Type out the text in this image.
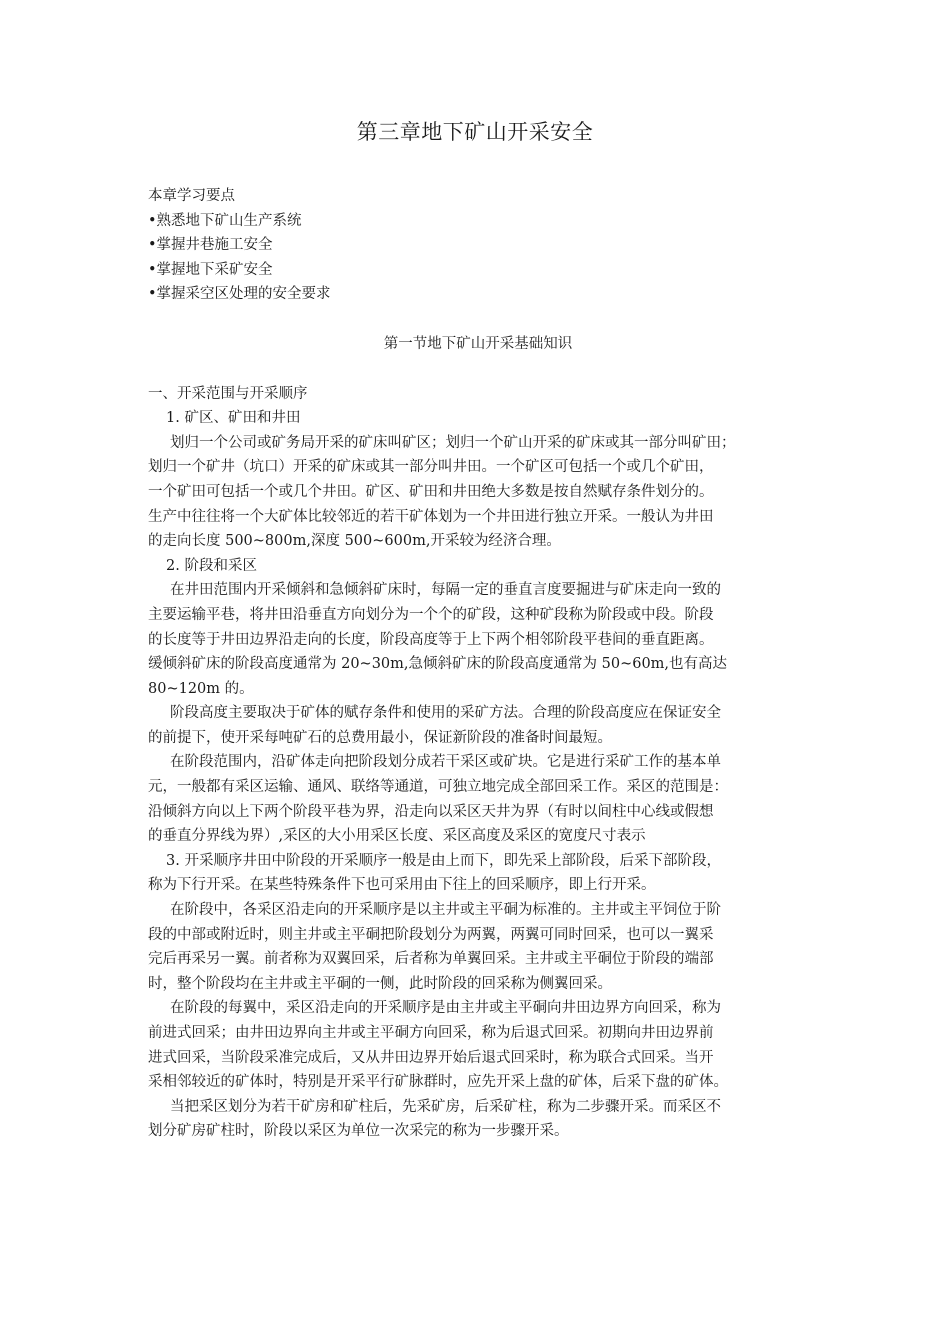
第三章地下矿山开采安全
本章学习要点
•熟悉地下矿山生产系统
•掌握井巷施工安全
•掌握地下采矿安全
•掌握采空区处理的安全要求
第一节地下矿山开采基础知识
一、开采范围与开采顺序
1. 矿区、矿田和井田
划归一个公司或矿务局开采的矿床叫矿区；划归一个矿山开采的矿床或其一部分叫矿田；
划归一个矿井（坑口）开采的矿床或其一部分叫井田。一个矿区可包括一个或几个矿田，
一个矿田可包括一个或几个井田。矿区、矿田和井田绝大多数是按自然赋存条件划分的。
生产中往往将一个大矿体比较邻近的若干矿体划为一个井田进行独立开采。一般认为井田
的走向长度 500~800m,深度 500~600m,开采较为经济合理。
2. 阶段和采区
在井田范围内开采倾斜和急倾斜矿床时，每隔一定的垂直言度要掘进与矿床走向一致的
主要运输平巷，将井田沿垂直方向划分为一个个的矿段，这种矿段称为阶段或中段。阶段
的长度等于井田边界沿走向的长度，阶段高度等于上下两个相邻阶段平巷间的垂直距离。
缓倾斜矿床的阶段高度通常为 20~30m,急倾斜矿床的阶段高度通常为 50~60m,也有高达
80~120m 的。
阶段高度主要取决于矿体的赋存条件和使用的采矿方法。合理的阶段高度应在保证安全
的前提下，使开采每吨矿石的总费用最小，保证新阶段的准备时间最短。
在阶段范围内，沿矿体走向把阶段划分成若干采区或矿块。它是进行采矿工作的基本单
元，一般都有采区运输、通风、联络等通道，可独立地完成全部回采工作。采区的范围是：
沿倾斜方向以上下两个阶段平巷为界，沿走向以采区天井为界（有时以间柱中心线或假想
的垂直分界线为界）,采区的大小用采区长度、采区高度及采区的宽度尺寸表示
3. 开采顺序井田中阶段的开采顺序一般是由上而下，即先采上部阶段，后采下部阶段，
称为下行开采。在某些特殊条件下也可采用由下往上的回采顺序，即上行开采。
在阶段中，各采区沿走向的开采顺序是以主井或主平硐为标准的。主井或主平饲位于阶
段的中部或附近时，则主井或主平硐把阶段划分为两翼，两翼可同时回采，也可以一翼采
完后再采另一翼。前者称为双翼回采，后者称为单翼回采。主井或主平硐位于阶段的端部
时，整个阶段均在主井或主平硐的一侧，此时阶段的回采称为侧翼回采。
在阶段的每翼中，采区沿走向的开采顺序是由主井或主平硐向井田边界方向回采，称为
前进式回采；由井田边界向主井或主平硐方向回采，称为后退式回采。初期向井田边界前
进式回采，当阶段采准完成后，又从井田边界开始后退式回采时，称为联合式回采。当开
采相邻较近的矿体时，特别是开采平行矿脉群时，应先开采上盘的矿体，后采下盘的矿体。
当把采区划分为若干矿房和矿柱后，先采矿房，后采矿柱，称为二步骤开采。而采区不
划分矿房矿柱时，阶段以采区为单位一次采完的称为一步骤开采。
